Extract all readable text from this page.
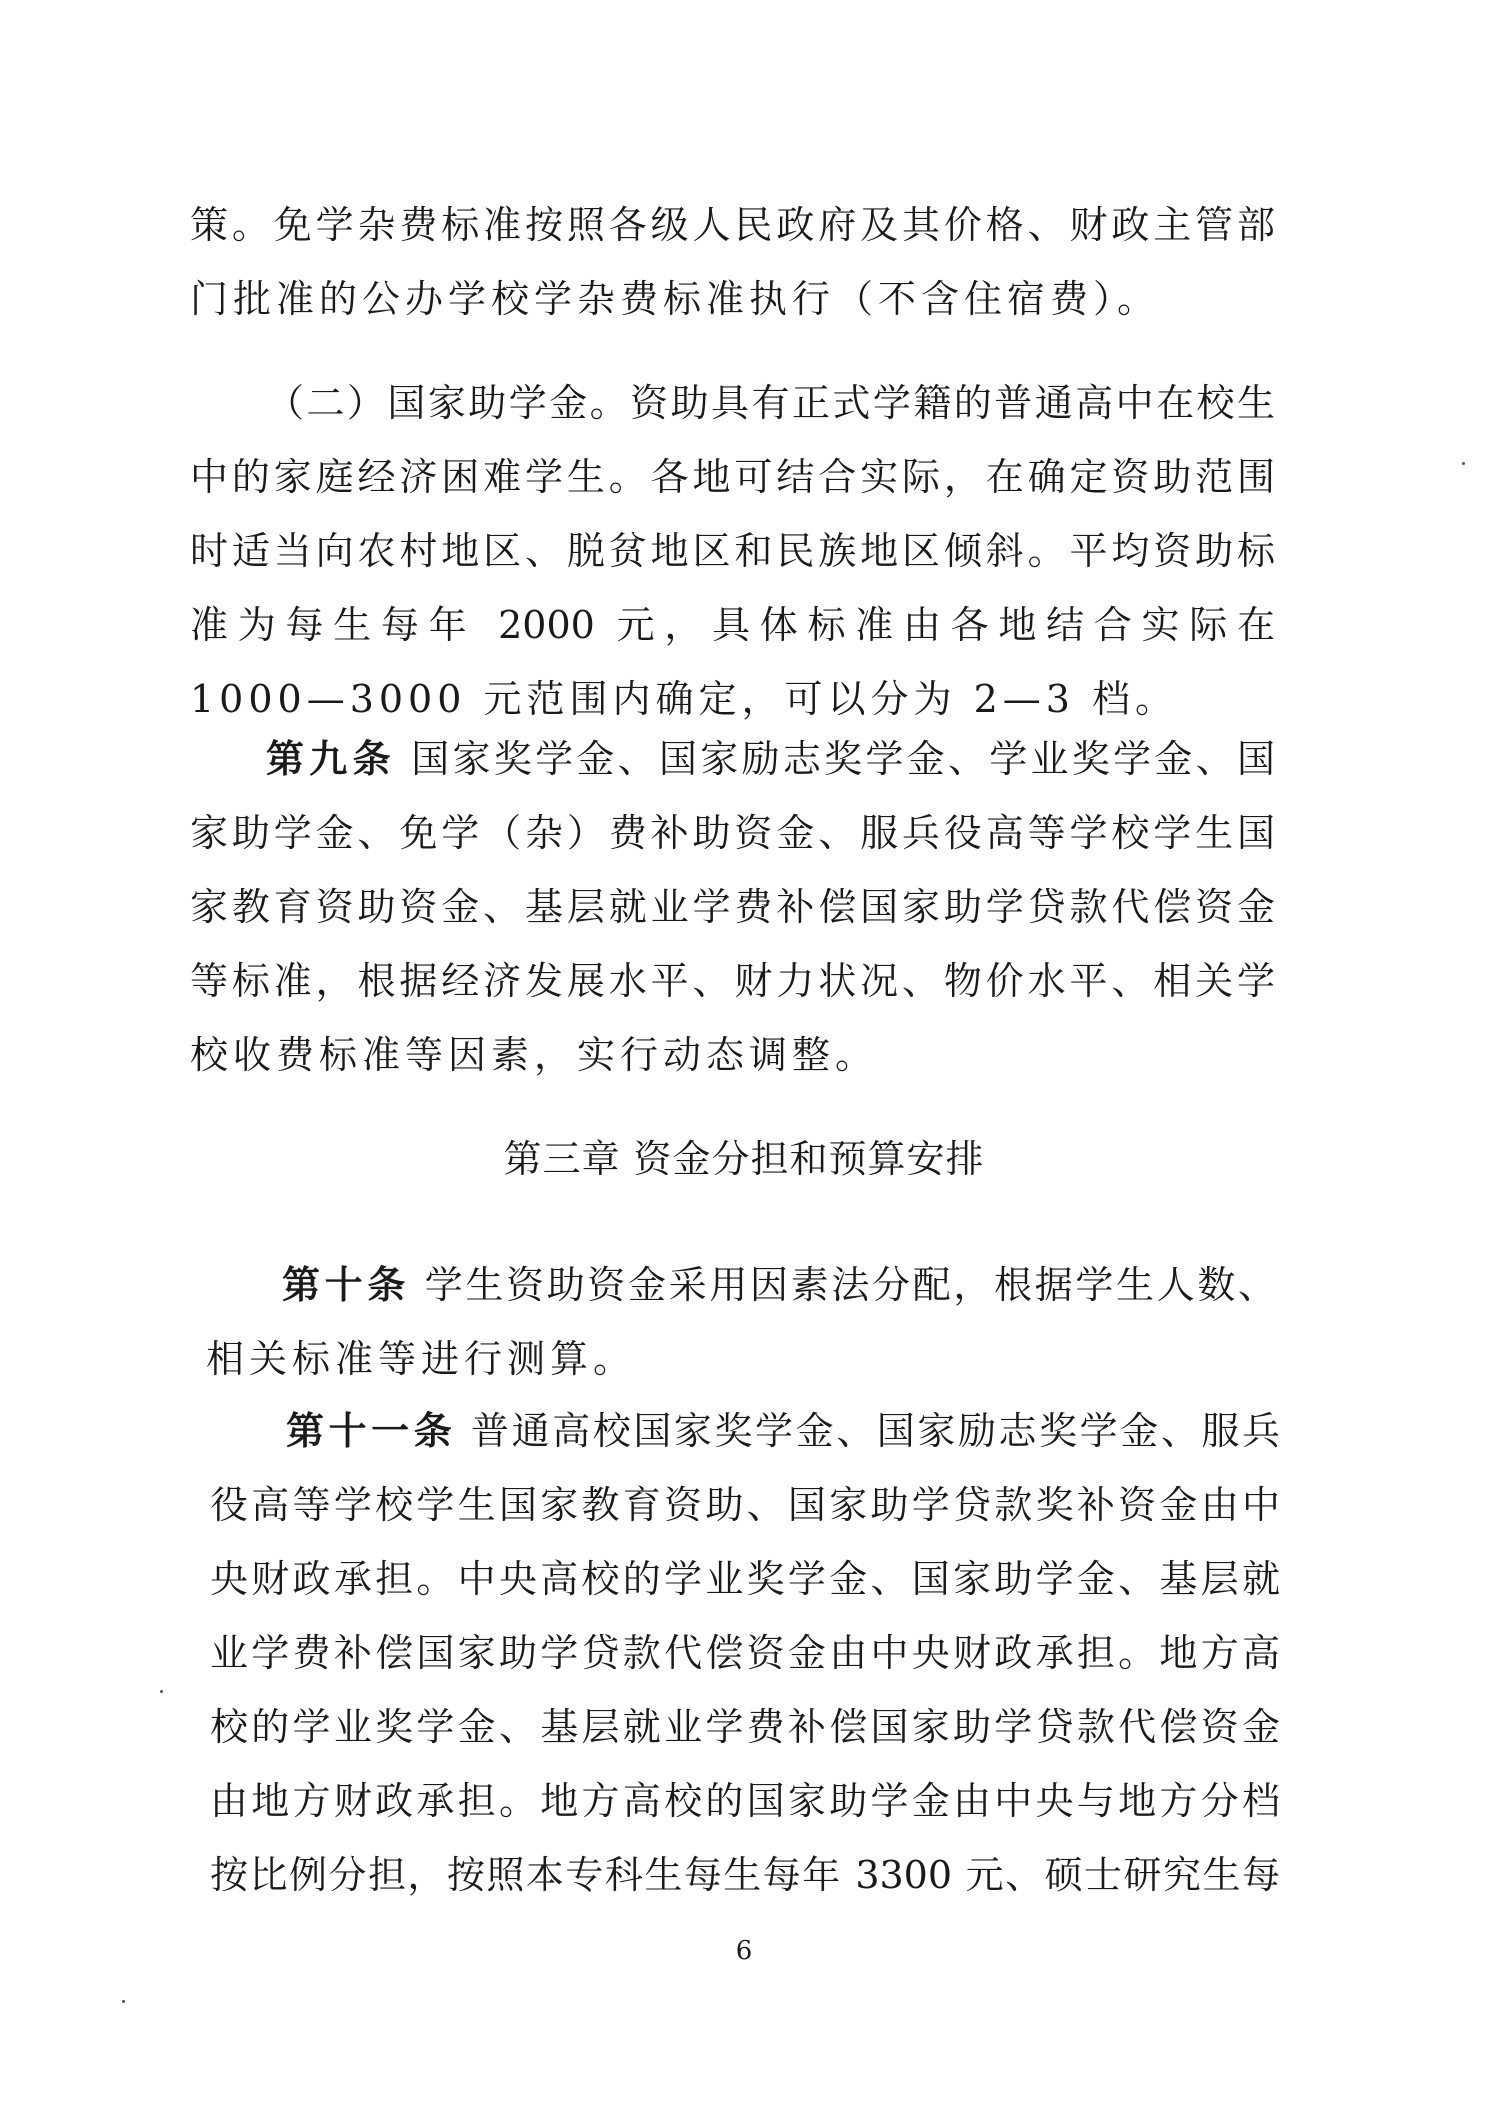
策。免学杂费标准按照各级人民政府及其价格、财政主管部
门批准的公办学校学杂费标准执行（不含住宿费）。
（二）国家助学金。资助具有正式学籍的普通高中在校生
中的家庭经济困难学生。各地可结合实际，在确定资助范围
时适当向农村地区、脱贫地区和民族地区倾斜。平均资助标
准为每生每年 2000 元，具体标准由各地结合实际在
1000—3000 元范围内确定，可以分为 2—3 档。
第九条 国家奖学金、国家励志奖学金、学业奖学金、国
家助学金、免学（杂）费补助资金、服兵役高等学校学生国
家教育资助资金、基层就业学费补偿国家助学贷款代偿资金
等标准，根据经济发展水平、财力状况、物价水平、相关学
校收费标准等因素，实行动态调整。
第三章 资金分担和预算安排
第十条 学生资助资金采用因素法分配，根据学生人数、
相关标准等进行测算。
第十一条 普通高校国家奖学金、国家励志奖学金、服兵
役高等学校学生国家教育资助、国家助学贷款奖补资金由中
央财政承担。中央高校的学业奖学金、国家助学金、基层就
业学费补偿国家助学贷款代偿资金由中央财政承担。地方高
校的学业奖学金、基层就业学费补偿国家助学贷款代偿资金
由地方财政承担。地方高校的国家助学金由中央与地方分档
按比例分担，按照本专科生每生每年 3300 元、硕士研究生每
6
